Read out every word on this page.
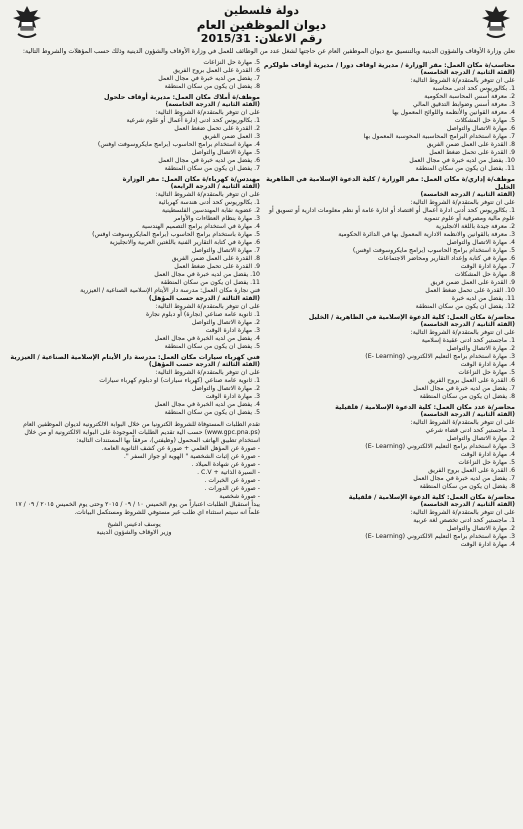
دولة فلسطين
ديوان الموظفين العام
رقم الاعلان: 2015/31

تعلن وزارة الأوقاف والشؤون الدينية وبالتنسيق مع ديوان الموظفين العام عن حاجتها لشغل عدد من الوظائف للعمل في وزارة الأوقاف والشؤون الدينية وذلك حسب المؤهلات والشروط التالية:

محاسب/ة مكان العمل: مقر الوزارة / مديرية اوقاف دورا / مديرية أوقاف طولكرم

(الفئة الثانية / الدرجة الخامسة)

على ان تتوفر بالمتقدم/ة الشروط التالية:

1. بكالوريوس كحد ادنى محاسبة

2. معرفة أسس المحاسبة الحكومية

3. معرفة أسس وضوابط التدقيق المالي

4. معرفة القوانين والأنظمة واللوائح المعمول بها

5. مهارة حل المشكلات

6. مهارة الاتصال والتواصل

7. مهارة استخدام البرامج المحاسبية المحوسبة المعمول بها

8. القدرة على العمل ضمن الفريق

9. القدرة على تحمل ضغط العمل

10. يفضل من لديه خبرة في مجال العمل

11. يفضل ان يكون من سكان المنطقة

موظف/ة إداري/ة مكان العمل: مقر الوزارة / كلية الدعوة الإسلامية في الظاهرية الخليل

(الفئة الثانية / الدرجة الخامسة)

على ان تتوفر بالمتقدم/ة الشروط التالية:

1. بكالوريوس كحد أدنى ادارة أعمال أو اقتصاد أو ادارة عامة أو نظم معلومات ادارية أو تسويق أو علوم مالية ومصرفية أو علوم تنموية

2. معرفة جيدة باللغة الانجليزية

3. معرفة بالقوانين والانظمة الادارية المعمول بها في الدائرة الحكومية

4. مهارة الاتصال والتواصل

5. مهارة استخدام برامج الحاسوب (برامج مايكروسوفت اوفس)

6. مهارة في كتابة وإعداد التقارير ومحاضر الاجتماعات

7. مهارة ادارة الوقت

8. مهارة حل المشكلات

9. القدرة على العمل ضمن فريق

10. القدرة على تحمل ضغط العمل

11. يفضل من لديه خبرة

12. يفضل ان يكون من سكان المنطقة

محاضر/ة مكان العمل: كلية الدعوة الإسلامية في الظاهرية / الخليل

(الفئة الثانية / الدرجة الخامسة)

على ان تتوفر بالمتقدم/ة الشروط التالية:

1. ماجستير كحد ادنى عقيدة إسلامية

2. مهارة الاتصال والتواصل

3. مهارة استخدام برامج التعليم الالكتروني (E- Learning)

4. مهارة ادارة الوقت

5. مهارة حل النزاعات

6. القدرة على العمل بروح الفريق

7. يفضل من لديه خبرة في مجال العمل

8. يفضل ان يكون من سكان المنطقة

محاضر/ة عدد مكان العمل: كلية الدعوة الإسلامية / قلقيلية

(الفئة الثانية / الدرجة الخامسة)

على ان تتوفر بالمتقدم/ة الشروط التالية:

1. ماجستير كحد ادنى قضاء شرعي

2. مهارة الاتصال والتواصل

3. مهارة استخدام برامج التعليم الالكتروني (E- Learning)

4. مهارة ادارة الوقت

5. مهارة حل النزاعات

6. القدرة على العمل بروح الفريق

7. يفضل من لديه خبرة في مجال العمل

8. يفضل ان يكون من سكان المنطقة

محاضر/ة مكان العمل: كلية الدعوة الإسلامية / قلقيلية

(الفئة الثانية / الدرجة الخامسة)

على ان تتوفر بالمتقدم/ة الشروط التالية:

1. ماجستير كحد ادنى تخصص لغة عربية

2. مهارة الاتصال والتواصل

3. مهارة استخدام برامج التعليم الالكتروني (E- Learning)

4. مهارة ادارة الوقت

5. مهارة حل النزاعات

6. القدرة على العمل بروح الفريق

7. يفضل من لديه خبرة في مجال العمل

8. يفضل ان يكون من سكان المنطقة

موظف/ة أملاك مكان العمل: مديرية أوقاف حلحول

(الفئة الثانية / الدرجة الخامسة)

على ان تتوفر بالمتقدم/ة الشروط التالية:

1. بكالوريوس كحد ادنى إدارة أعمال أو علوم شرعية

2. القدرة على تحمل ضغط العمل

3. العمل ضمن الفريق

4. مهارة استخدام برامج الحاسوب (برامج مايكروسوفت اوفس)

5. مهارة الاتصال والتواصل

6. يفضل من لديه خبرة في مجال العمل

7. يفضل ان يكون من سكان المنطقة

مهندس/ة كهرباء/ة مكان العمل: مقر الوزارة

(الفئة الثانية / الدرجة الرابعة)

على ان تتوفر بالمتقدم/ة الشروط التالية:

1. بكالوريوس كحد أدنى هندسة كهربائية

2. عضوية نقابة المهندسين الفلسطينية

3. مهارة بنظام العطاءات والأوامر

4. مهارة في استخدام برامج التصميم الهندسية

5. مهارة باستخدام برامج الحاسوب (برامج المايكروسوفت اوفس)

6. مهارة في كتابة التقارير الفنية باللغتين العربية والانجليزية

7. مهارة الاتصال والتواصل

8. القدرة على العمل ضمن الفريق

9. القدرة على تحمل ضغط العمل

10. يفضل من لديه خبرة في مجال العمل

11. يفضل ان يكون من سكان المنطقة

فني نجارة مكان العمل: مدرسة دار الأيتام الإسلامية الصناعية / العيزرية

(الفئة الثالثة / الدرجة حسب المؤهل)

على ان تتوفر بالمتقدم/ة الشروط التالية:

1. ثانوية عامة صناعي (نجارة) أو دبلوم نجارة

2. مهارة الاتصال والتواصل

3. مهارة ادارة الوقت

4. يفضل من لديه الخبرة في مجال العمل

5. يفضل ان يكون من سكان المنطقة

فني كهرباء سيارات مكان العمل: مدرسة دار الأيتام الإسلامية الصناعية / العيزرية

(الفئة الثالثة / الدرجة حسب المؤهل)

على ان تتوفر بالمتقدم/ة الشروط التالية:

1. ثانوية عامة صناعي (كهرباء سيارات) او دبلوم كهرباء سيارات

2. مهارة الاتصال والتواصل

3. مهارة ادارة الوقت

4. يفضل من لديه الخبرة في مجال العمل

5. يفضل ان يكون من سكان المنطقة

تقدم الطلبات المستوفاة للشروط الكترونيا من خلال البوابة الالكترونية لديوان الموظفين العام (www.gpc.pna.ps) حسب الية تقديم الطلبات الموجودة على البوابة الالكترونية او من خلال استخدام تطبيق الهاتف المحمول (وظيفتي)، مرفقاً بها المستندات التالية:

- صورة عن المؤهل العلمي + صورة عن كشف الثانوية العامة.

- صورة عن إثبات الشخصية " الهوية او جواز السفر ".

- صورة عن شهادة الميلاد .

- السيرة الذاتية + C.V .

- صورة عن الخبرات .

- صورة عن الدورات .

- صورة شخصية

يبدأ استقبال الطلبات اعتباراً من يوم الخميس ١٠ / ٠٩ / ٢٠١٥ وحتى يوم الخميس ٢٠١٥ / ٠٩ / ١٧ علماً انه سيتم استثناء اي طلب غير مستوفي للشروط ومستكمل البيانات.

يوسف ادعيس الشيخ

وزير الاوقاف والشؤون الدينية
